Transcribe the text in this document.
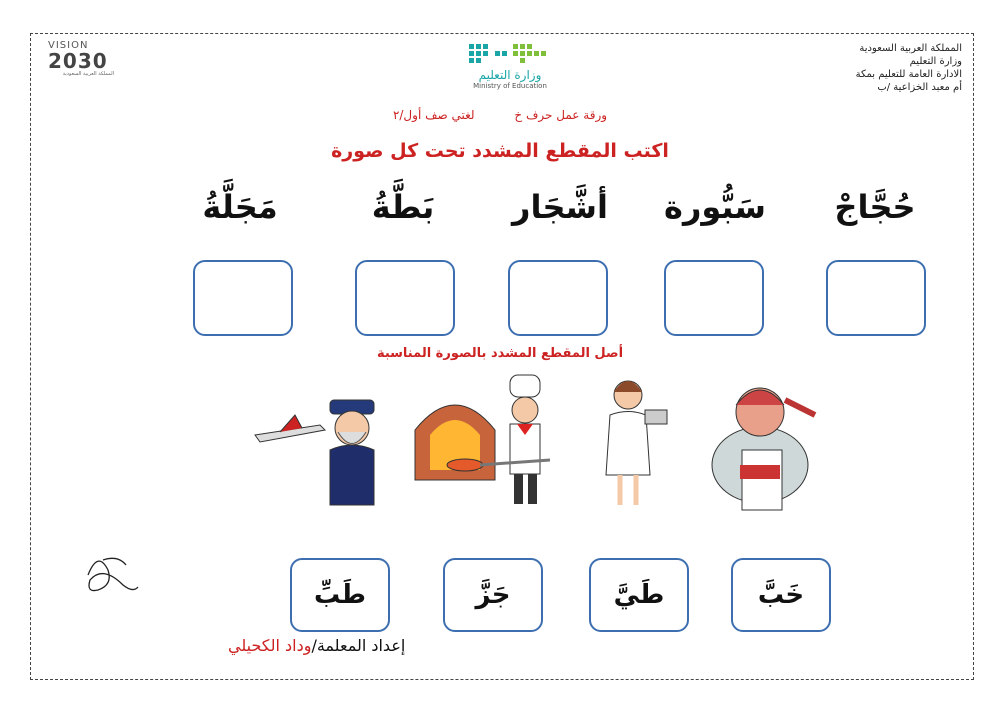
المملكة العربية السعودية
وزارة التعليم
الادارة العامة للتعليم بمكة
أم معبد الخزاعية /ب
VISION
2030
المملكة العربية السعودية	وزارة التعليم
Ministry of Education
ورقة عمل حرف خ لغتي صف أول/٢
اكتب المقطع المشدد تحت كل صورة
حُجَّاجْ
سَبُّورة
أشَّجَار
بَطَّةُ
مَجَلَّةُ
أصل المقطع المشدد بالصورة المناسبة
خَبَّ
طَيَّ
جَزَّ
طَبِّ
إعداد المعلمة/وداد الكحيلي
